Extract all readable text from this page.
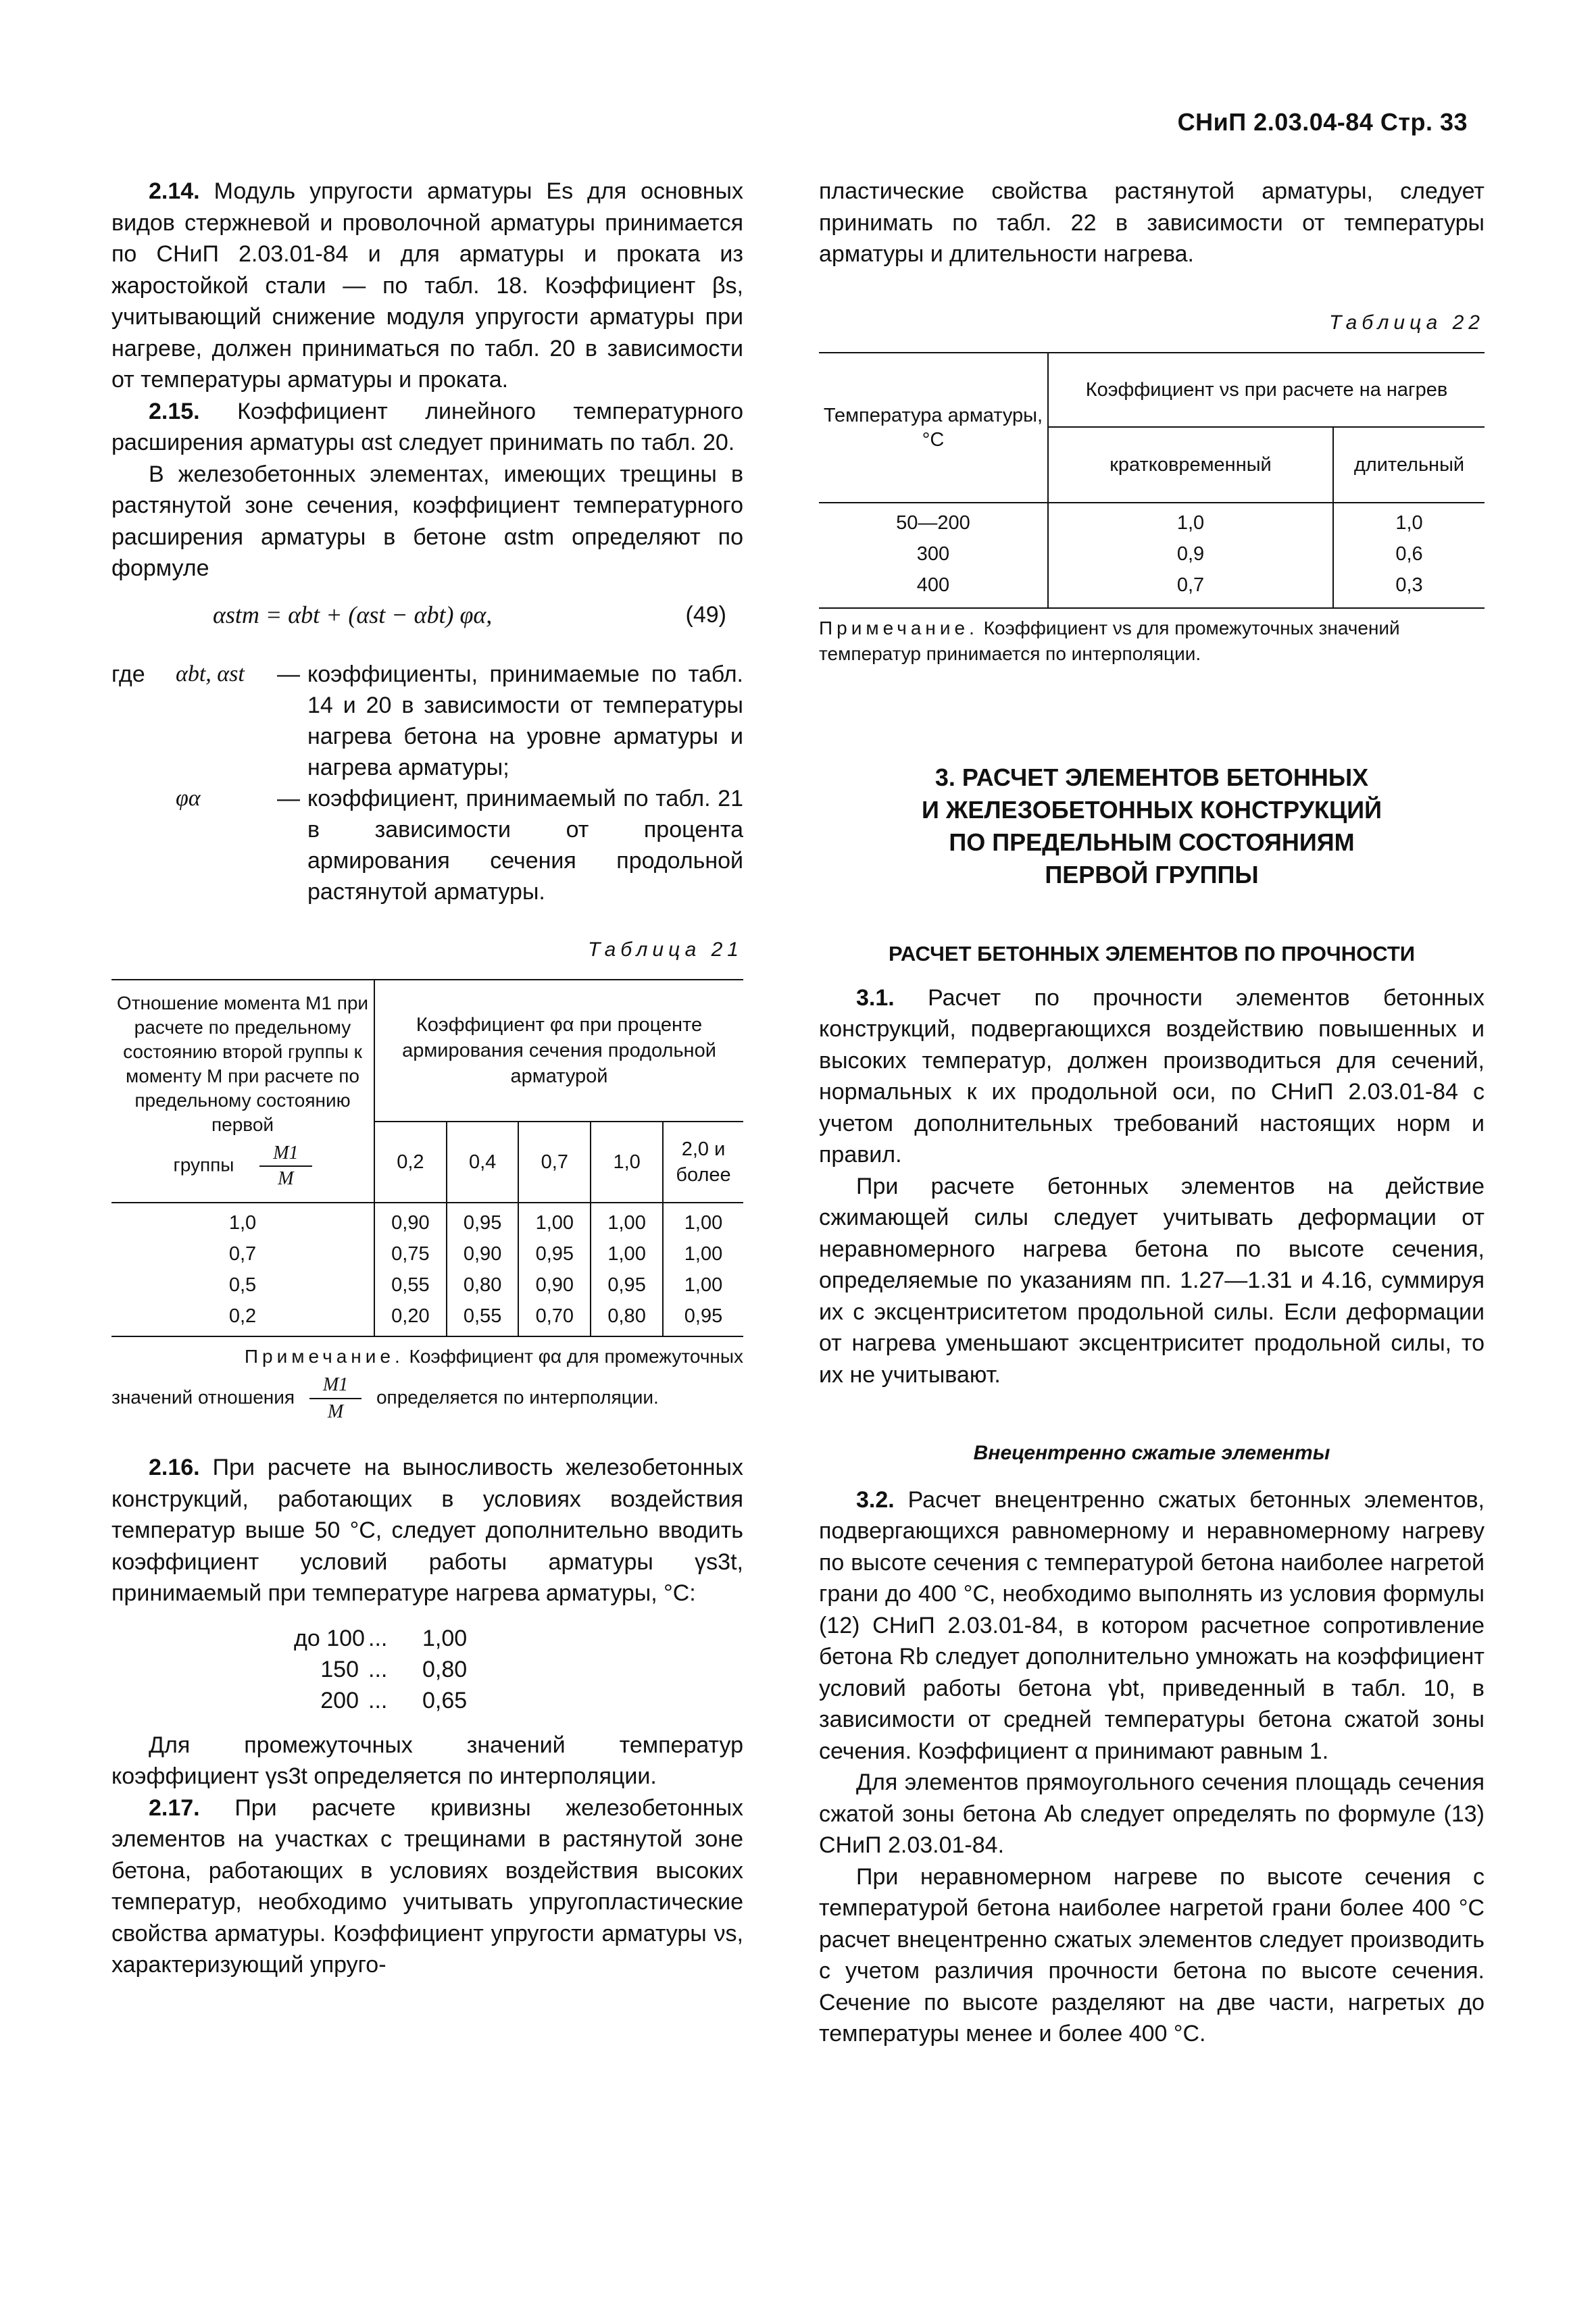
СНиП 2.03.04-84 Стр. 33

2.14. Модуль упругости арматуры Es для основных видов стержневой и проволочной арматуры принимается по СНиП 2.03.01-84 и для арматуры и проката из жаростойкой стали — по табл. 18. Коэффициент βs, учитывающий снижение модуля упругости арматуры при нагреве, должен приниматься по табл. 20 в зависимости от температуры арматуры и проката.

2.15. Коэффициент линейного температурного расширения арматуры αst следует принимать по табл. 20.

В железобетонных элементах, имеющих трещины в растянутой зоне сечения, коэффициент температурного расширения арматуры в бетоне αstm определяют по формуле

αstm = αbt + (αst − αbt) φα,	(49)
где	αbt, αst	— коэффициенты, принимаемые по табл. 14 и 20 в зависимости от температуры нагрева бетона на уровне арматуры и нагрева арматуры;
φα	— коэффициент, принимаемый по табл. 21 в зависимости от процента армирования сечения продольной растянутой арматуры.
Таблица 21
Отношение момента M1 при расчете по предельному состоянию второй группы к моменту M при расчете по предельному состоянию первой
группы $\frac{M1}{M}$	Коэффициент φα при проценте армирования сечения продольной арматурой				
	0,2	0,4	0,7	1,0	2,0 и более
1,0	0,90	0,95	1,00	1,00	1,00
0,7	0,75	0,90	0,95	1,00	1,00
0,5	0,55	0,80	0,90	0,95	1,00
0,2	0,20	0,55	0,70	0,80	0,95
Примечание. Коэффициент φα для промежуточных
значений отношения $\frac{M1}{M}$ определяется по интерполяции.

2.16. При расчете на выносливость железобетонных конструкций, работающих в условиях воздействия температур выше 50 °С, следует дополнительно вводить коэффициент условий работы арматуры γs3t, принимаемый при температуре нагрева арматуры, °С:

до 100 ...	1,00
150 ...	0,80
200 ...	0,65

Для промежуточных значений температур коэффициент γs3t определяется по интерполяции.

2.17. При расчете кривизны железобетонных элементов на участках с трещинами в растянутой зоне бетона, работающих в условиях воздействия высоких температур, необходимо учитывать упругопластические свойства арматуры. Коэффициент упругости арматуры νs, характеризующий упруго-

пластические свойства растянутой арматуры, следует принимать по табл. 22 в зависимости от температуры арматуры и длительности нагрева.

Таблица 22
Температура арматуры, °С	Коэффициент νs при расчете на нагрев	
	кратковременный	длительный
50—200	1,0	1,0
300	0,9	0,6
400	0,7	0,3
Примечание. Коэффициент νs для промежуточных значений температур принимается по интерполяции.
3. РАСЧЕТ ЭЛЕМЕНТОВ БЕТОННЫХ
И ЖЕЛЕЗОБЕТОННЫХ КОНСТРУКЦИЙ
ПО ПРЕДЕЛЬНЫМ СОСТОЯНИЯМ
ПЕРВОЙ ГРУППЫ
РАСЧЕТ БЕТОННЫХ ЭЛЕМЕНТОВ ПО ПРОЧНОСТИ

3.1. Расчет по прочности элементов бетонных конструкций, подвергающихся воздействию повышенных и высоких температур, должен производиться для сечений, нормальных к их продольной оси, по СНиП 2.03.01-84 с учетом дополнительных требований настоящих норм и правил.

При расчете бетонных элементов на действие сжимающей силы следует учитывать деформации от неравномерного нагрева бетона по высоте сечения, определяемые по указаниям пп. 1.27—1.31 и 4.16, суммируя их с эксцентриситетом продольной силы. Если деформации от нагрева уменьшают эксцентриситет продольной силы, то их не учитывают.

Внецентренно сжатые элементы

3.2. Расчет внецентренно сжатых бетонных элементов, подвергающихся равномерному и неравномерному нагреву по высоте сечения с температурой бетона наиболее нагретой грани до 400 °С, необходимо выполнять из условия формулы (12) СНиП 2.03.01-84, в котором расчетное сопротивление бетона Rb следует дополнительно умножать на коэффициент условий работы бетона γbt, приведенный в табл. 10, в зависимости от средней температуры бетона сжатой зоны сечения. Коэффициент α принимают равным 1.

Для элементов прямоугольного сечения площадь сечения сжатой зоны бетона Ab следует определять по формуле (13) СНиП 2.03.01-84.

При неравномерном нагреве по высоте сечения с температурой бетона наиболее нагретой грани более 400 °С расчет внецентренно сжатых элементов следует производить с учетом различия прочности бетона по высоте сечения. Сечение по высоте разделяют на две части, нагретых до температуры менее и более 400 °С.
